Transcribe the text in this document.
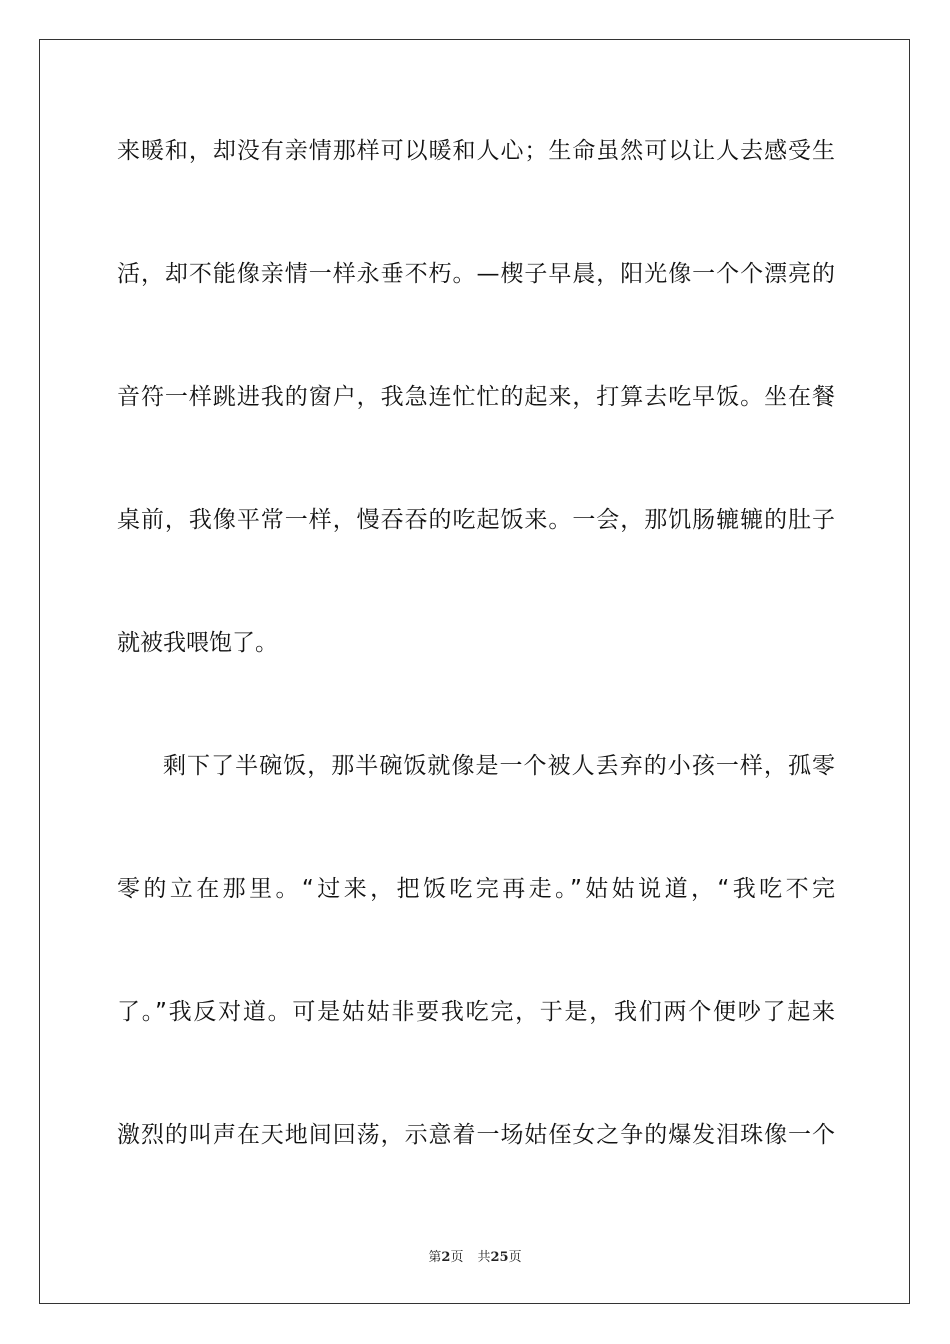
来暖和，却没有亲情那样可以暖和人心；生命虽然可以让人去感受生
活，却不能像亲情一样永垂不朽。—楔子早晨，阳光像一个个漂亮的
音符一样跳进我的窗户，我急连忙忙的起来，打算去吃早饭。坐在餐
桌前，我像平常一样，慢吞吞的吃起饭来。一会，那饥肠辘辘的肚子
就被我喂饱了。
剩下了半碗饭，那半碗饭就像是一个被人丢弃的小孩一样，孤零
零的立在那里。“过来，把饭吃完再走。”姑姑说道，“我吃不完
了。”我反对道。可是姑姑非要我吃完，于是，我们两个便吵了起来
激烈的叫声在天地间回荡，示意着一场姑侄女之争的爆发泪珠像一个
第2页 共25页
